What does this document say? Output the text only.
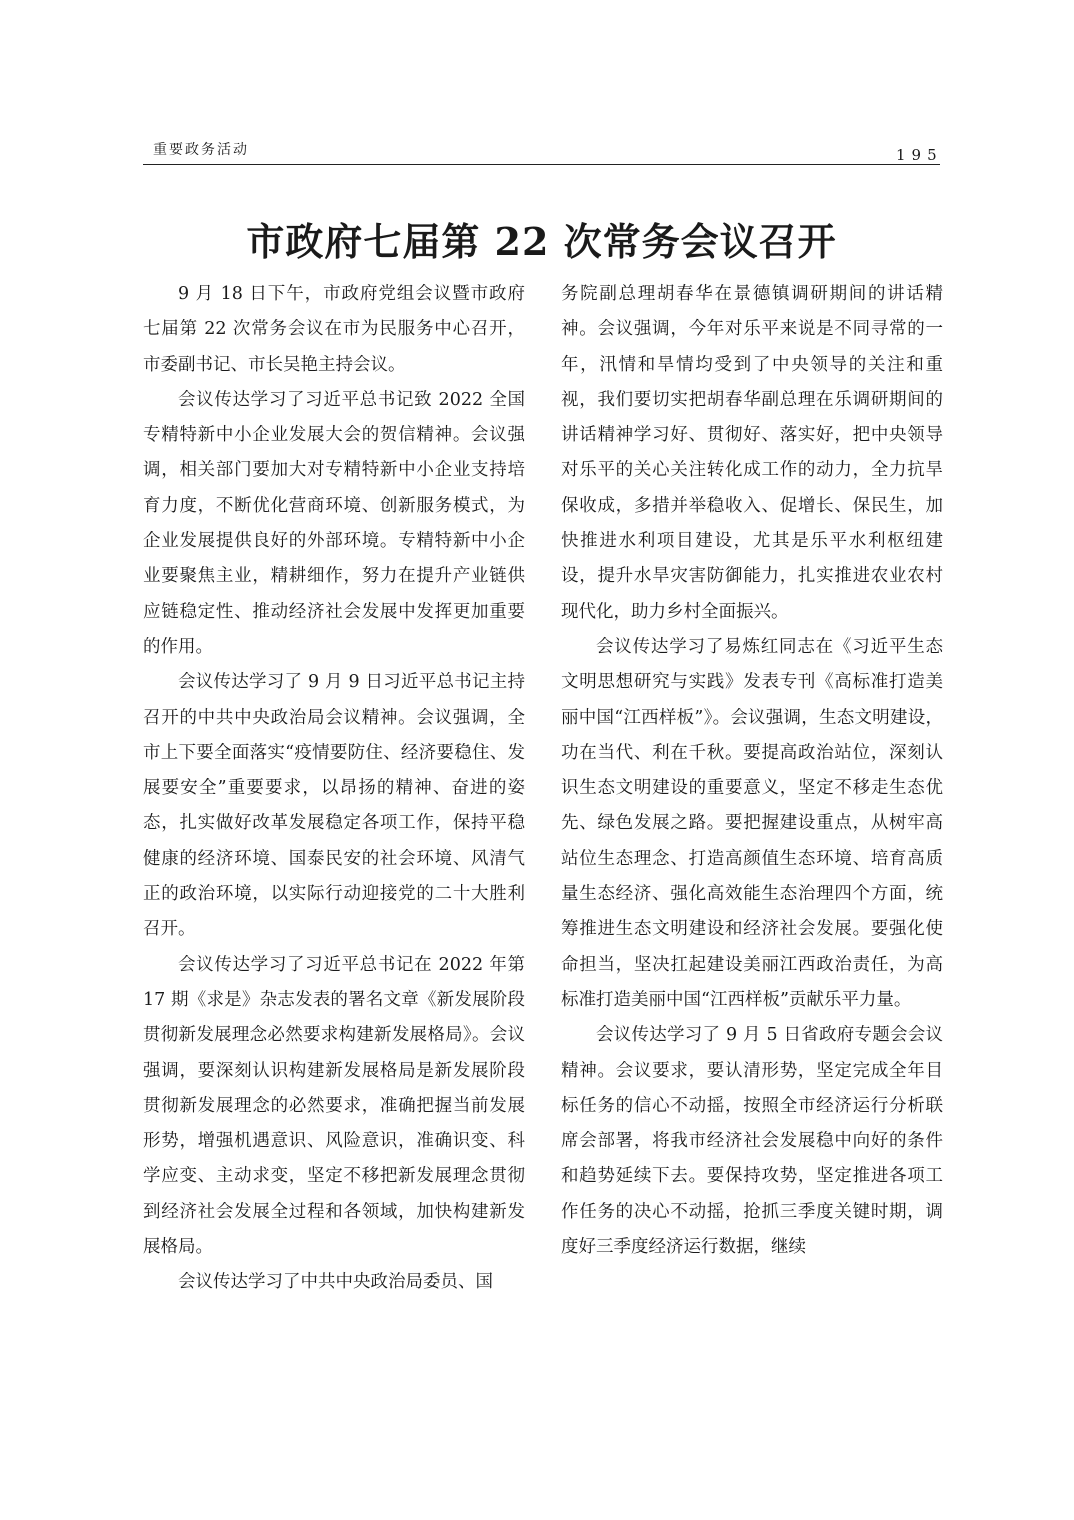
重要政务活动	195
市政府七届第 22 次常务会议召开

9 月 18 日下午，市政府党组会议暨市政府七届第 22 次常务会议在市为民服务中心召开，市委副书记、市长吴艳主持会议。

会议传达学习了习近平总书记致 2022 全国专精特新中小企业发展大会的贺信精神。会议强调，相关部门要加大对专精特新中小企业支持培育力度，不断优化营商环境、创新服务模式，为企业发展提供良好的外部环境。专精特新中小企业要聚焦主业，精耕细作，努力在提升产业链供应链稳定性、推动经济社会发展中发挥更加重要的作用。

会议传达学习了 9 月 9 日习近平总书记主持召开的中共中央政治局会议精神。会议强调，全市上下要全面落实“疫情要防住、经济要稳住、发展要安全”重要要求，以昂扬的精神、奋进的姿态，扎实做好改革发展稳定各项工作，保持平稳健康的经济环境、国泰民安的社会环境、风清气正的政治环境，以实际行动迎接党的二十大胜利召开。

会议传达学习了习近平总书记在 2022 年第 17 期《求是》杂志发表的署名文章《新发展阶段贯彻新发展理念必然要求构建新发展格局》。会议强调，要深刻认识构建新发展格局是新发展阶段贯彻新发展理念的必然要求，准确把握当前发展形势，增强机遇意识、风险意识，准确识变、科学应变、主动求变，坚定不移把新发展理念贯彻到经济社会发展全过程和各领域，加快构建新发展格局。

会议传达学习了中共中央政治局委员、国

务院副总理胡春华在景德镇调研期间的讲话精神。会议强调，今年对乐平来说是不同寻常的一年，汛情和旱情均受到了中央领导的关注和重视，我们要切实把胡春华副总理在乐调研期间的讲话精神学习好、贯彻好、落实好，把中央领导对乐平的关心关注转化成工作的动力，全力抗旱保收成，多措并举稳收入、促增长、保民生，加快推进水利项目建设，尤其是乐平水利枢纽建设，提升水旱灾害防御能力，扎实推进农业农村现代化，助力乡村全面振兴。

会议传达学习了易炼红同志在《习近平生态文明思想研究与实践》发表专刊《高标准打造美丽中国“江西样板”》。会议强调，生态文明建设，功在当代、利在千秋。要提高政治站位，深刻认识生态文明建设的重要意义，坚定不移走生态优先、绿色发展之路。要把握建设重点，从树牢高站位生态理念、打造高颜值生态环境、培育高质量生态经济、强化高效能生态治理四个方面，统筹推进生态文明建设和经济社会发展。要强化使命担当，坚决扛起建设美丽江西政治责任，为高标准打造美丽中国“江西样板”贡献乐平力量。

会议传达学习了 9 月 5 日省政府专题会会议精神。会议要求，要认清形势，坚定完成全年目标任务的信心不动摇，按照全市经济运行分析联席会部署，将我市经济社会发展稳中向好的条件和趋势延续下去。要保持攻势，坚定推进各项工作任务的决心不动摇，抢抓三季度关键时期，调度好三季度经济运行数据，继续
